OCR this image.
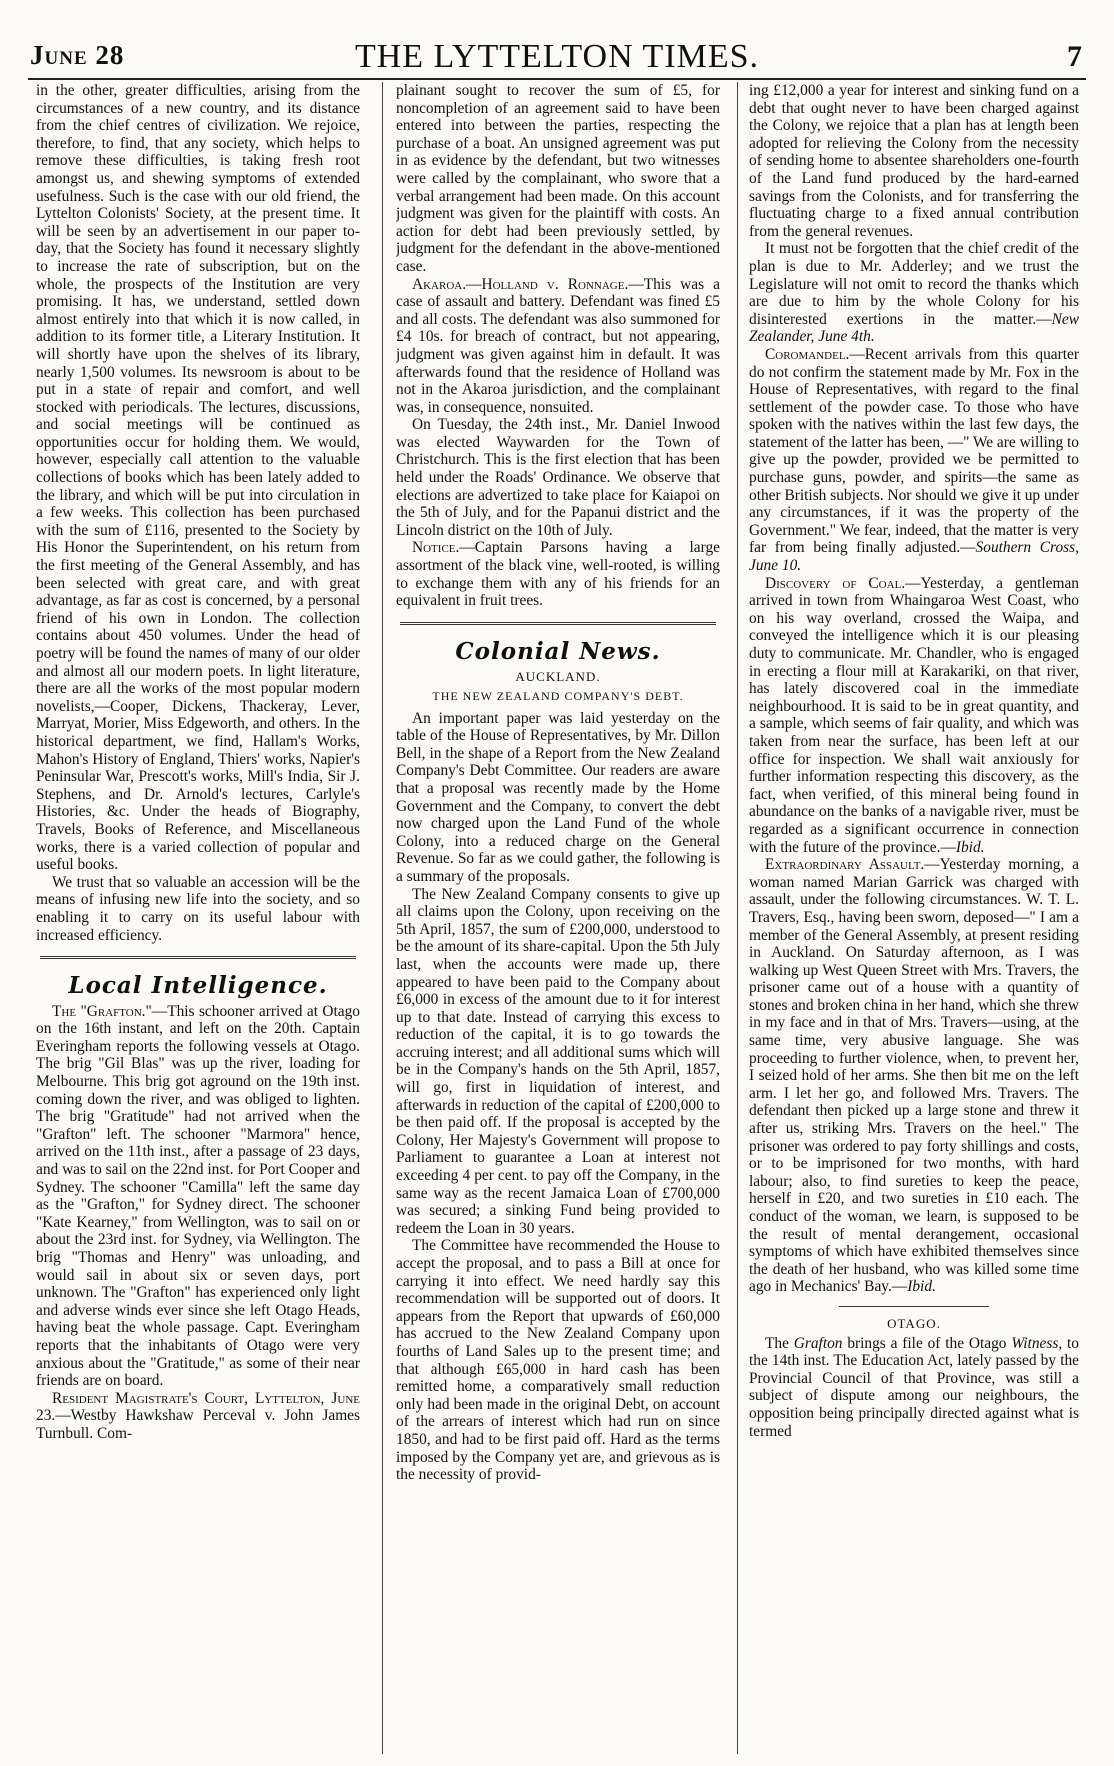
June 28	THE LYTTELTON TIMES.	7

in the other, greater difficulties, arising from the circumstances of a new country, and its distance from the chief centres of civilization. We rejoice, therefore, to find, that any society, which helps to remove these difficulties, is taking fresh root amongst us, and shewing symptoms of extended usefulness. Such is the case with our old friend, the Lyttelton Colonists' Society, at the present time. It will be seen by an advertisement in our paper to-day, that the Society has found it necessary slightly to increase the rate of subscription, but on the whole, the prospects of the Institution are very promising. It has, we understand, settled down almost entirely into that which it is now called, in addition to its former title, a Literary Institution. It will shortly have upon the shelves of its library, nearly 1,500 volumes. Its newsroom is about to be put in a state of repair and comfort, and well stocked with periodicals. The lectures, discussions, and social meetings will be continued as opportunities occur for holding them. We would, however, especially call attention to the valuable collections of books which has been lately added to the library, and which will be put into circulation in a few weeks. This collection has been purchased with the sum of £116, presented to the Society by His Honor the Superintendent, on his return from the first meeting of the General Assembly, and has been selected with great care, and with great advantage, as far as cost is concerned, by a personal friend of his own in London. The collection contains about 450 volumes. Under the head of poetry will be found the names of many of our older and almost all our modern poets. In light literature, there are all the works of the most popular modern novelists,—Cooper, Dickens, Thackeray, Lever, Marryat, Morier, Miss Edgeworth, and others. In the historical department, we find, Hallam's Works, Mahon's History of England, Thiers' works, Napier's Peninsular War, Prescott's works, Mill's India, Sir J. Stephens, and Dr. Arnold's lectures, Carlyle's Histories, &c. Under the heads of Biography, Travels, Books of Reference, and Miscellaneous works, there is a varied collection of popular and useful books.

We trust that so valuable an accession will be the means of infusing new life into the society, and so enabling it to carry on its useful labour with increased efficiency.

Local Intelligence.

The "Grafton."—This schooner arrived at Otago on the 16th instant, and left on the 20th. Captain Everingham reports the following vessels at Otago. The brig "Gil Blas" was up the river, loading for Melbourne. This brig got aground on the 19th inst. coming down the river, and was obliged to lighten. The brig "Gratitude" had not arrived when the "Grafton" left. The schooner "Marmora" hence, arrived on the 11th inst., after a passage of 23 days, and was to sail on the 22nd inst. for Port Cooper and Sydney. The schooner "Camilla" left the same day as the "Grafton," for Sydney direct. The schooner "Kate Kearney," from Wellington, was to sail on or about the 23rd inst. for Sydney, via Wellington. The brig "Thomas and Henry" was unloading, and would sail in about six or seven days, port unknown. The "Grafton" has experienced only light and adverse winds ever since she left Otago Heads, having beat the whole passage. Capt. Everingham reports that the inhabitants of Otago were very anxious about the "Gratitude," as some of their near friends are on board.

Resident Magistrate's Court, Lyttelton, June 23.—Westby Hawkshaw Perceval v. John James Turnbull. Com-

plainant sought to recover the sum of £5, for noncompletion of an agreement said to have been entered into between the parties, respecting the purchase of a boat. An unsigned agreement was put in as evidence by the defendant, but two witnesses were called by the complainant, who swore that a verbal arrangement had been made. On this account judgment was given for the plaintiff with costs. An action for debt had been previously settled, by judgment for the defendant in the above-mentioned case.

Akaroa.—Holland v. Ronnage.—This was a case of assault and battery. Defendant was fined £5 and all costs. The defendant was also summoned for £4 10s. for breach of contract, but not appearing, judgment was given against him in default. It was afterwards found that the residence of Holland was not in the Akaroa jurisdiction, and the complainant was, in consequence, nonsuited.

On Tuesday, the 24th inst., Mr. Daniel Inwood was elected Waywarden for the Town of Christchurch. This is the first election that has been held under the Roads' Ordinance. We observe that elections are advertized to take place for Kaiapoi on the 5th of July, and for the Papanui district and the Lincoln district on the 10th of July.

Notice.—Captain Parsons having a large assortment of the black vine, well-rooted, is willing to exchange them with any of his friends for an equivalent in fruit trees.

Colonial News.
AUCKLAND.
THE NEW ZEALAND COMPANY'S DEBT.

An important paper was laid yesterday on the table of the House of Representatives, by Mr. Dillon Bell, in the shape of a Report from the New Zealand Company's Debt Committee. Our readers are aware that a proposal was recently made by the Home Government and the Company, to convert the debt now charged upon the Land Fund of the whole Colony, into a reduced charge on the General Revenue. So far as we could gather, the following is a summary of the proposals.

The New Zealand Company consents to give up all claims upon the Colony, upon receiving on the 5th April, 1857, the sum of £200,000, understood to be the amount of its share-capital. Upon the 5th July last, when the accounts were made up, there appeared to have been paid to the Company about £6,000 in excess of the amount due to it for interest up to that date. Instead of carrying this excess to reduction of the capital, it is to go towards the accruing interest; and all additional sums which will be in the Company's hands on the 5th April, 1857, will go, first in liquidation of interest, and afterwards in reduction of the capital of £200,000 to be then paid off. If the proposal is accepted by the Colony, Her Majesty's Government will propose to Parliament to guarantee a Loan at interest not exceeding 4 per cent. to pay off the Company, in the same way as the recent Jamaica Loan of £700,000 was secured; a sinking Fund being provided to redeem the Loan in 30 years.

The Committee have recommended the House to accept the proposal, and to pass a Bill at once for carrying it into effect. We need hardly say this recommendation will be supported out of doors. It appears from the Report that upwards of £60,000 has accrued to the New Zealand Company upon fourths of Land Sales up to the present time; and that although £65,000 in hard cash has been remitted home, a comparatively small reduction only had been made in the original Debt, on account of the arrears of interest which had run on since 1850, and had to be first paid off. Hard as the terms imposed by the Company yet are, and grievous as is the necessity of provid-

ing £12,000 a year for interest and sinking fund on a debt that ought never to have been charged against the Colony, we rejoice that a plan has at length been adopted for relieving the Colony from the necessity of sending home to absentee shareholders one-fourth of the Land fund produced by the hard-earned savings from the Colonists, and for transferring the fluctuating charge to a fixed annual contribution from the general revenues.

It must not be forgotten that the chief credit of the plan is due to Mr. Adderley; and we trust the Legislature will not omit to record the thanks which are due to him by the whole Colony for his disinterested exertions in the matter.—New Zealander, June 4th.

Coromandel.—Recent arrivals from this quarter do not confirm the statement made by Mr. Fox in the House of Representatives, with regard to the final settlement of the powder case. To those who have spoken with the natives within the last few days, the statement of the latter has been, —" We are willing to give up the powder, provided we be permitted to purchase guns, powder, and spirits—the same as other British subjects. Nor should we give it up under any circumstances, if it was the property of the Government." We fear, indeed, that the matter is very far from being finally adjusted.—Southern Cross, June 10.

Discovery of Coal.—Yesterday, a gentleman arrived in town from Whaingaroa West Coast, who on his way overland, crossed the Waipa, and conveyed the intelligence which it is our pleasing duty to communicate. Mr. Chandler, who is engaged in erecting a flour mill at Karakariki, on that river, has lately discovered coal in the immediate neighbourhood. It is said to be in great quantity, and a sample, which seems of fair quality, and which was taken from near the surface, has been left at our office for inspection. We shall wait anxiously for further information respecting this discovery, as the fact, when verified, of this mineral being found in abundance on the banks of a navigable river, must be regarded as a significant occurrence in connection with the future of the province.—Ibid.

Extraordinary Assault.—Yesterday morning, a woman named Marian Garrick was charged with assault, under the following circumstances. W. T. L. Travers, Esq., having been sworn, deposed—" I am a member of the General Assembly, at present residing in Auckland. On Saturday afternoon, as I was walking up West Queen Street with Mrs. Travers, the prisoner came out of a house with a quantity of stones and broken china in her hand, which she threw in my face and in that of Mrs. Travers—using, at the same time, very abusive language. She was proceeding to further violence, when, to prevent her, I seized hold of her arms. She then bit me on the left arm. I let her go, and followed Mrs. Travers. The defendant then picked up a large stone and threw it after us, striking Mrs. Travers on the heel." The prisoner was ordered to pay forty shillings and costs, or to be imprisoned for two months, with hard labour; also, to find sureties to keep the peace, herself in £20, and two sureties in £10 each. The conduct of the woman, we learn, is supposed to be the result of mental derangement, occasional symptoms of which have exhibited themselves since the death of her husband, who was killed some time ago in Mechanics' Bay.—Ibid.

OTAGO.

The Grafton brings a file of the Otago Witness, to the 14th inst. The Education Act, lately passed by the Provincial Council of that Province, was still a subject of dispute among our neighbours, the opposition being principally directed against what is termed
